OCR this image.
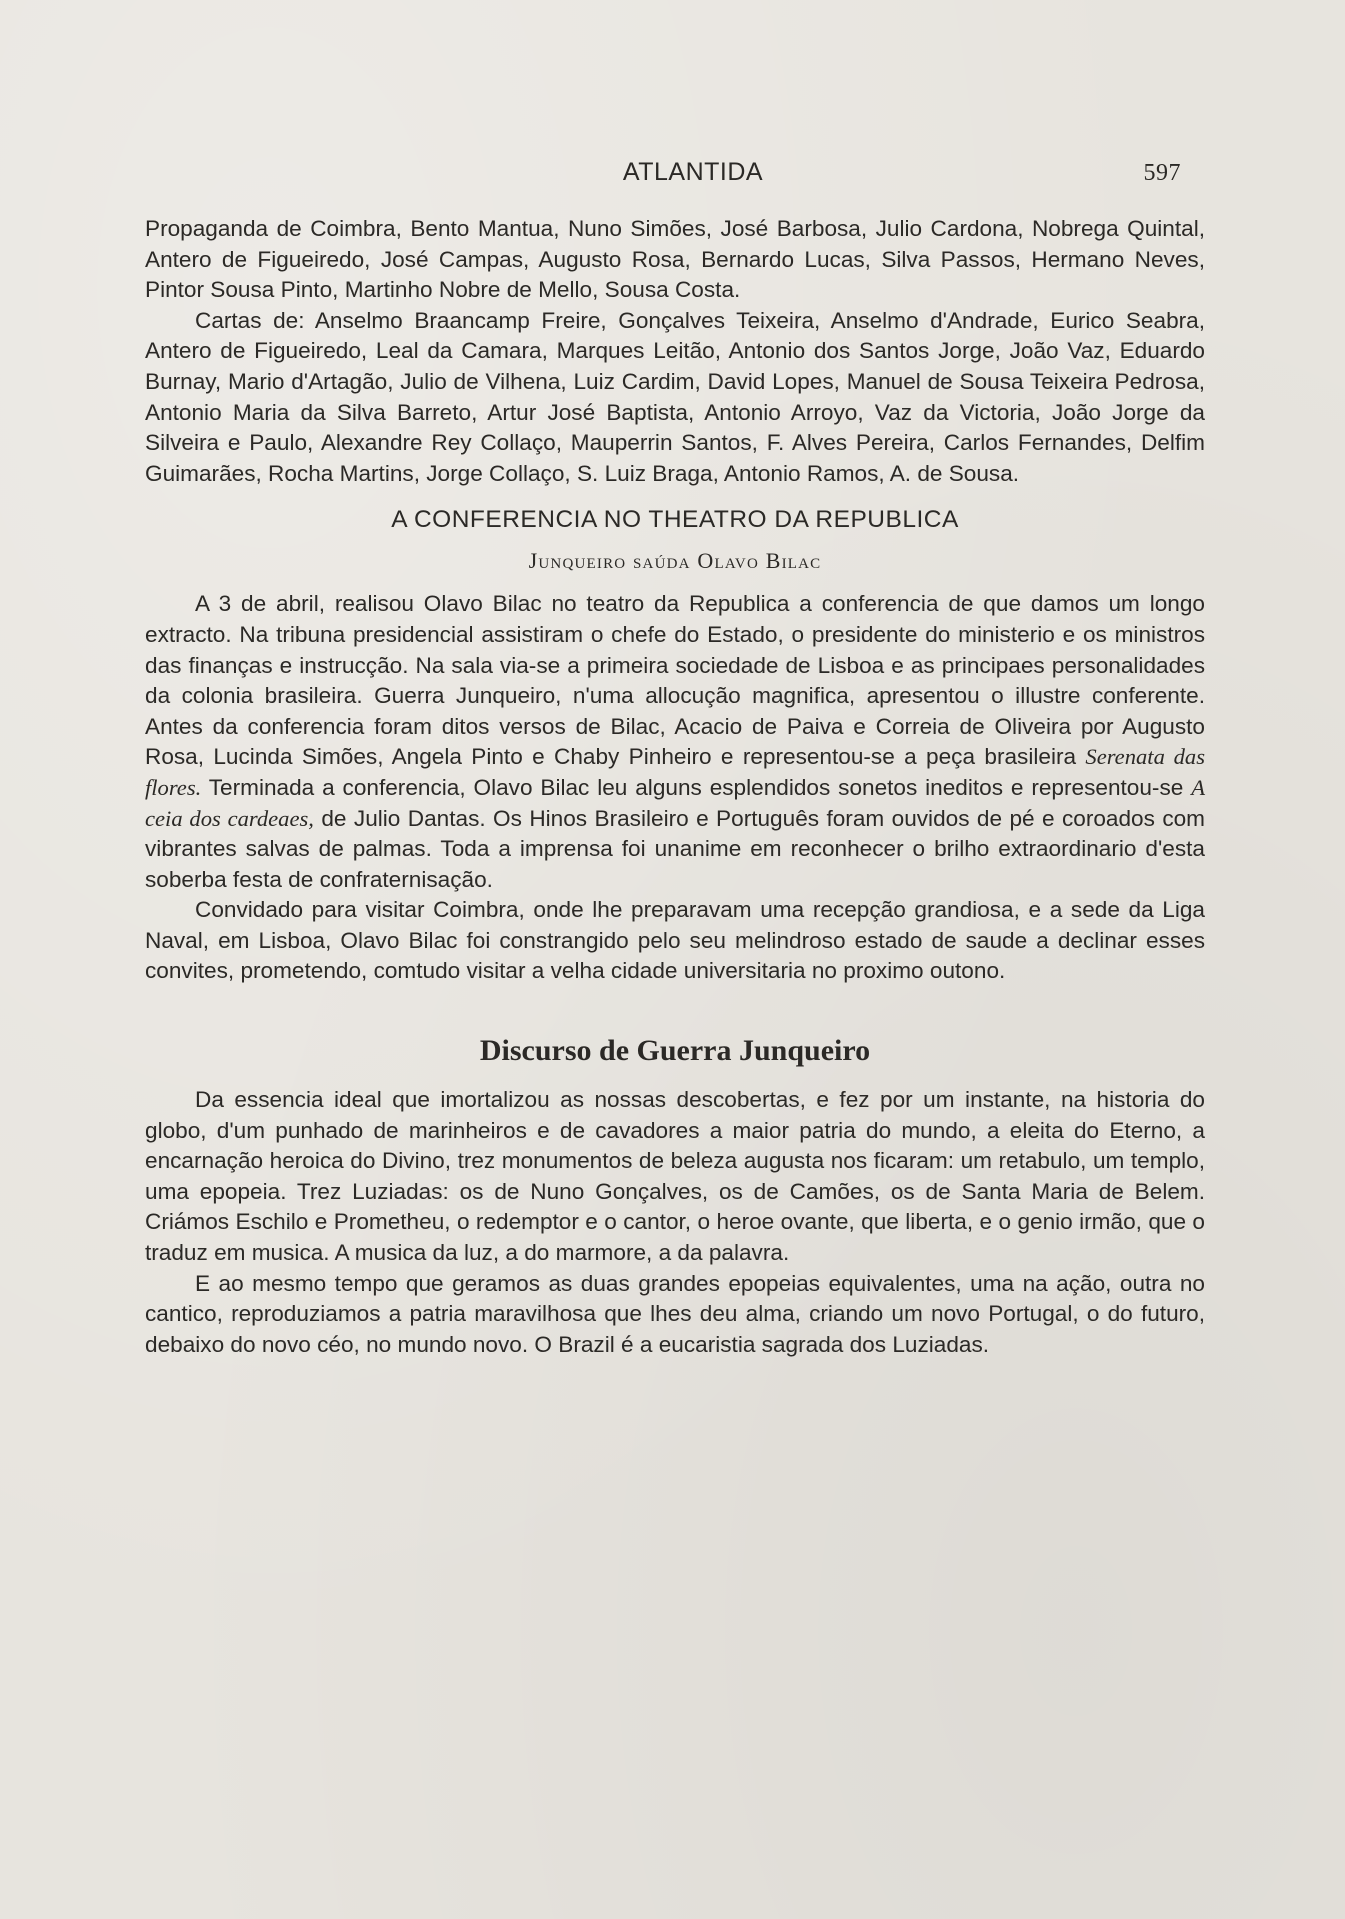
ATLANTIDA	597

Propaganda de Coimbra, Bento Mantua, Nuno Simões, José Barbosa, Julio Cardona, Nobrega Quintal, Antero de Figueiredo, José Campas, Augusto Rosa, Bernardo Lucas, Silva Passos, Hermano Neves, Pintor Sousa Pinto, Martinho Nobre de Mello, Sousa Costa.

Cartas de: Anselmo Braancamp Freire, Gonçalves Teixeira, Anselmo d'Andrade, Eurico Seabra, Antero de Figueiredo, Leal da Camara, Marques Leitão, Antonio dos Santos Jorge, João Vaz, Eduardo Burnay, Mario d'Artagão, Julio de Vilhena, Luiz Cardim, David Lopes, Manuel de Sousa Teixeira Pedrosa, Antonio Maria da Silva Barreto, Artur José Baptista, Antonio Arroyo, Vaz da Victoria, João Jorge da Silveira e Paulo, Alexandre Rey Collaço, Mauperrin Santos, F. Alves Pereira, Carlos Fernandes, Delfim Guimarães, Rocha Martins, Jorge Collaço, S. Luiz Braga, Antonio Ramos, A. de Sousa.

A CONFERENCIA NO THEATRO DA REPUBLICA
Junqueiro saúda Olavo Bilac

A 3 de abril, realisou Olavo Bilac no teatro da Republica a conferencia de que damos um longo extracto. Na tribuna presidencial assistiram o chefe do Estado, o presidente do ministerio e os ministros das finanças e instrucção. Na sala via-se a primeira sociedade de Lisboa e as principaes personalidades da colonia brasileira. Guerra Junqueiro, n'uma allocução magnifica, apresentou o illustre conferente. Antes da conferencia foram ditos versos de Bilac, Acacio de Paiva e Correia de Oliveira por Augusto Rosa, Lucinda Simões, Angela Pinto e Chaby Pinheiro e representou-se a peça brasileira Serenata das flores. Terminada a conferencia, Olavo Bilac leu alguns esplendidos sonetos ineditos e representou-se A ceia dos cardeaes, de Julio Dantas. Os Hinos Brasileiro e Português foram ouvidos de pé e coroados com vibrantes salvas de palmas. Toda a imprensa foi unanime em reconhecer o brilho extraordinario d'esta soberba festa de confraternisação.

Convidado para visitar Coimbra, onde lhe preparavam uma recepção grandiosa, e a sede da Liga Naval, em Lisboa, Olavo Bilac foi constrangido pelo seu melindroso estado de saude a declinar esses convites, prometendo, comtudo visitar a velha cidade universitaria no proximo outono.

Discurso de Guerra Junqueiro

Da essencia ideal que imortalizou as nossas descobertas, e fez por um instante, na historia do globo, d'um punhado de marinheiros e de cavadores a maior patria do mundo, a eleita do Eterno, a encarnação heroica do Divino, trez monumentos de beleza augusta nos ficaram: um retabulo, um templo, uma epopeia. Trez Luziadas: os de Nuno Gonçalves, os de Camões, os de Santa Maria de Belem. Criámos Eschilo e Prometheu, o redemptor e o cantor, o heroe ovante, que liberta, e o genio irmão, que o traduz em musica. A musica da luz, a do marmore, a da palavra.

E ao mesmo tempo que geramos as duas grandes epopeias equivalentes, uma na ação, outra no cantico, reproduziamos a patria maravilhosa que lhes deu alma, criando um novo Portugal, o do futuro, debaixo do novo céo, no mundo novo. O Brazil é a eucaristia sagrada dos Luziadas.
